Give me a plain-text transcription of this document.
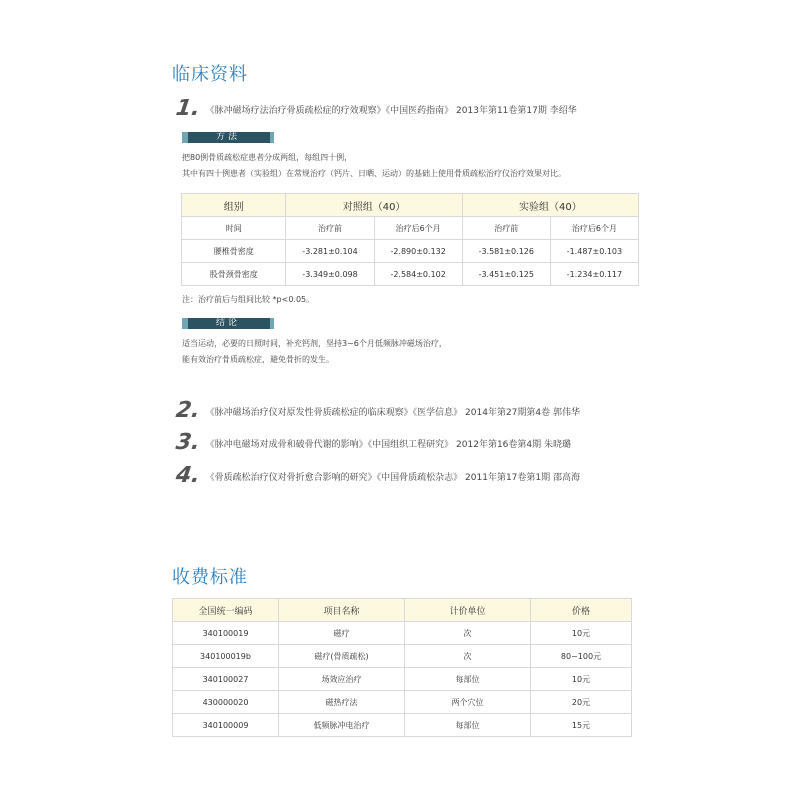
临床资料
1. 《脉冲磁场疗法治疗骨质疏松症的疗效观察》《中国医药指南》 2013年第11卷第17期 李绍华
方法
把80例骨质疏松症患者分成两组，每组四十例，
其中有四十例患者（实验组）在常规治疗（钙片、日晒、运动）的基础上使用骨质疏松治疗仪治疗效果对比。
组别	对照组（40）		实验组（40）	
时间	治疗前	治疗后6个月	治疗前	治疗后6个月
腰椎骨密度	-3.281±0.104	-2.890±0.132	-3.581±0.126	-1.487±0.103
股骨颈骨密度	-3.349±0.098	-2.584±0.102	-3.451±0.125	-1.234±0.117
注：治疗前后与组间比较 *p<0.05。
结论
适当运动，必要的日照时间，补充钙剂，坚持3~6个月低频脉冲磁场治疗，
能有效治疗骨质疏松症，避免骨折的发生。
2. 《脉冲磁场治疗仪对原发性骨质疏松症的临床观察》《医学信息》 2014年第27期第4卷 郭伟华
3. 《脉冲电磁场对成骨和破骨代谢的影响》《中国组织工程研究》 2012年第16卷第4期 朱晓璐
4. 《骨质疏松治疗仪对骨折愈合影响的研究》《中国骨质疏松杂志》 2011年第17卷第1期 邵高海
收费标准
全国统一编码	项目名称	计价单位	价格
340100019	磁疗	次	10元
340100019b	磁疗(骨质疏松)	次	80~100元
340100027	场效应治疗	每部位	10元
430000020	磁热疗法	两个穴位	20元
340100009	低频脉冲电治疗	每部位	15元
